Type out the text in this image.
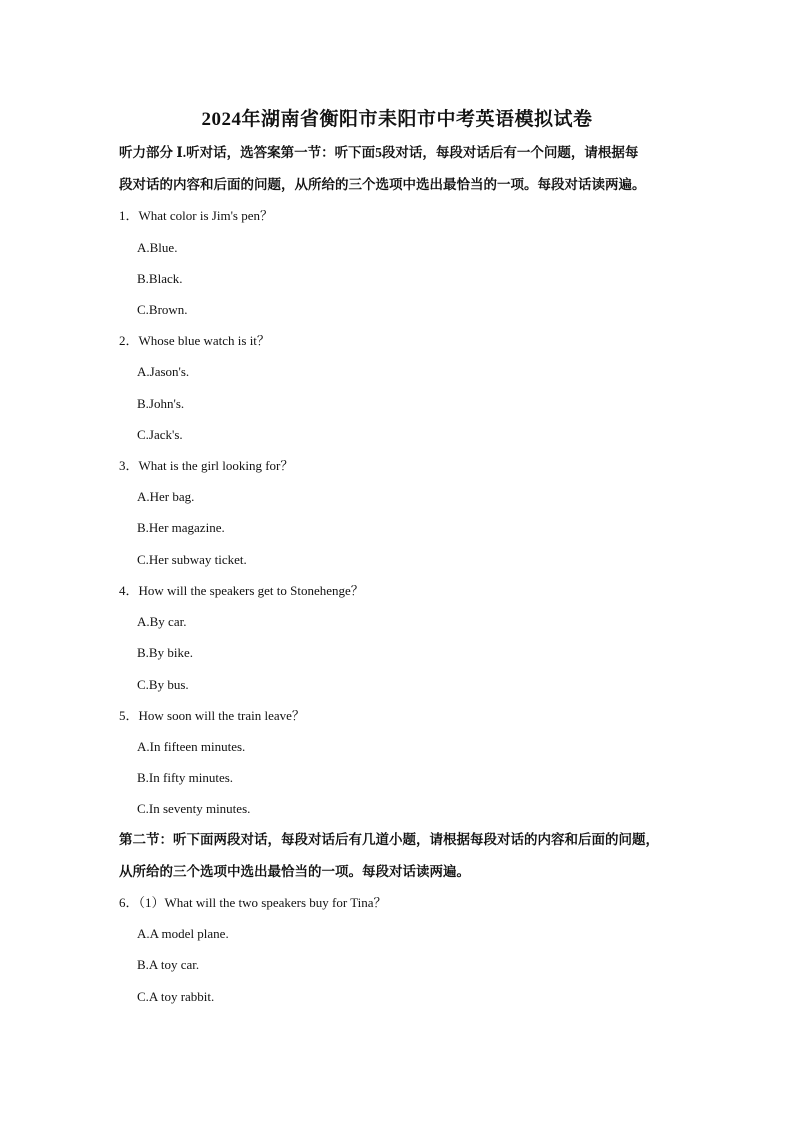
2024年湖南省衡阳市耒阳市中考英语模拟试卷
听力部分 Ⅰ.听对话，选答案第一节：听下面5段对话，每段对话后有一个问题，请根据每
段对话的内容和后面的问题，从所给的三个选项中选出最恰当的一项。每段对话读两遍。
1．What color is Jim's pen？
A.Blue.
B.Black.
C.Brown.
2．Whose blue watch is it？
A.Jason's.
B.John's.
C.Jack's.
3．What is the girl looking for？
A.Her bag.
B.Her magazine.
C.Her subway ticket.
4．How will the speakers get to Stonehenge？
A.By car.
B.By bike.
C.By bus.
5．How soon will the train leave？
A.In fifteen minutes.
B.In fifty minutes.
C.In seventy minutes.
第二节：听下面两段对话，每段对话后有几道小题，请根据每段对话的内容和后面的问题，
从所给的三个选项中选出最恰当的一项。每段对话读两遍。
6．（1）What will the two speakers buy for Tina？
A.A model plane.
B.A toy car.
C.A toy rabbit.
